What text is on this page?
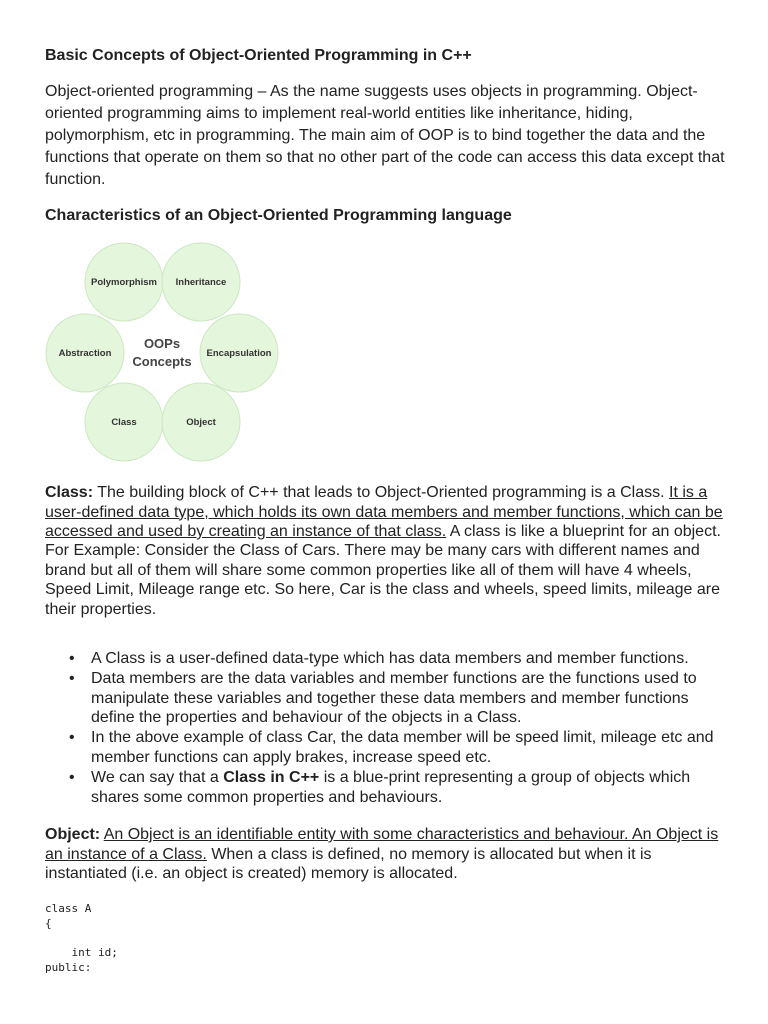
Basic Concepts of Object-Oriented Programming in C++
Object-oriented programming – As the name suggests uses objects in programming. Object-oriented programming aims to implement real-world entities like inheritance, hiding, polymorphism, etc in programming. The main aim of OOP is to bind together the data and the functions that operate on them so that no other part of the code can access this data except that function.
Characteristics of an Object-Oriented Programming language
Polymorphism Inheritance
Abstraction	Encapsulation
Class	Object
OOPs
Concepts
Class: The building block of C++ that leads to Object-Oriented programming is a Class. It is a user-defined data type, which holds its own data members and member functions, which can be accessed and used by creating an instance of that class. A class is like a blueprint for an object.
For Example: Consider the Class of Cars. There may be many cars with different names and brand but all of them will share some common properties like all of them will have 4 wheels, Speed Limit, Mileage range etc. So here, Car is the class and wheels, speed limits, mileage are their properties.
• A Class is a user-defined data-type which has data members and member functions.
• Data members are the data variables and member functions are the functions used to manipulate these variables and together these data members and member functions define the properties and behaviour of the objects in a Class.
• In the above example of class Car, the data member will be speed limit, mileage etc and member functions can apply brakes, increase speed etc.
• We can say that a Class in C++ is a blue-print representing a group of objects which shares some common properties and behaviours.
Object: An Object is an identifiable entity with some characteristics and behaviour. An Object is an instance of a Class. When a class is defined, no memory is allocated but when it is instantiated (i.e. an object is created) memory is allocated.
class A
{

int id;
public:
